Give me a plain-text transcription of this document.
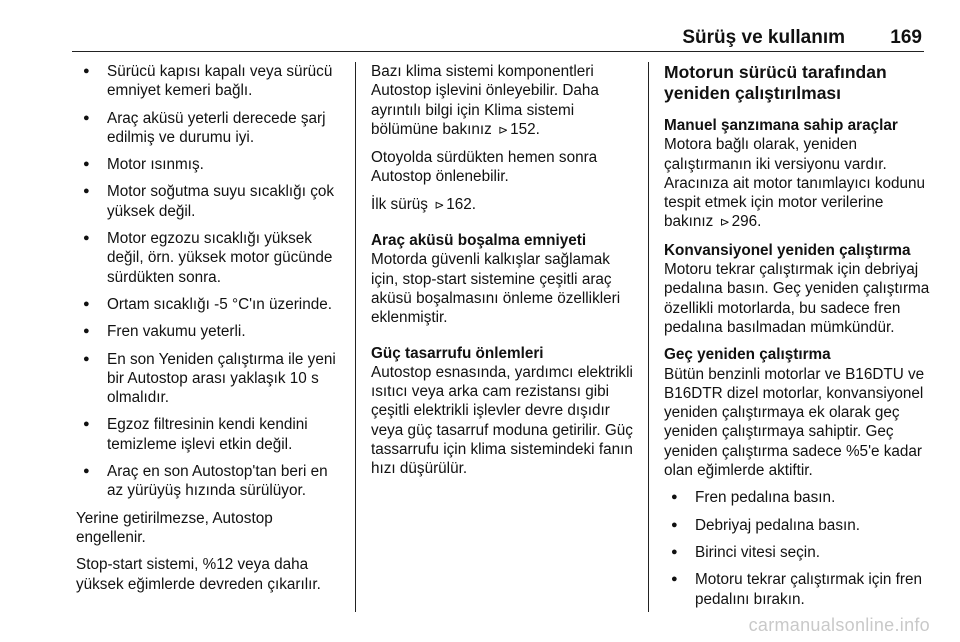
Sürüş ve kullanım 169
● Sürücü kapısı kapalı veya sürücü emniyet kemeri bağlı.
● Araç aküsü yeterli derecede şarj edilmiş ve durumu iyi.
● Motor ısınmış.
● Motor soğutma suyu sıcaklığı çok yüksek değil.
● Motor egzozu sıcaklığı yüksek değil, örn. yüksek motor gücünde sürdükten sonra.
● Ortam sıcaklığı -5 °C'ın üzerinde.
● Fren vakumu yeterli.
● En son Yeniden çalıştırma ile yeni bir Autostop arası yaklaşık 10 s olmalıdır.
● Egzoz filtresinin kendi kendini temizleme işlevi etkin değil.
● Araç en son Autostop'tan beri en az yürüyüş hızında sürülüyor.

Yerine getirilmezse, Autostop engellenir.

Stop-start sistemi, %12 veya daha yüksek eğimlerde devreden çıkarılır.

Bazı klima sistemi komponentleri Autostop işlevini önleyebilir. Daha ayrıntılı bilgi için Klima sistemi bölümüne bakınız ⊳ 152.

Otoyolda sürdükten hemen sonra Autostop önlenebilir.

İlk sürüş ⊳ 162.

Araç aküsü boşalma emniyeti

Motorda güvenli kalkışlar sağlamak için, stop-start sistemine çeşitli araç aküsü boşalmasını önleme özellikleri eklenmiştir.

Güç tasarrufu önlemleri

Autostop esnasında, yardımcı elektrikli ısıtıcı veya arka cam rezistansı gibi çeşitli elektrikli işlevler devre dışıdır veya güç tasarruf moduna getirilir. Güç tassarrufu için klima sistemindeki fanın hızı düşürülür.

Motorun sürücü tarafından yeniden çalıştırılması

Manuel şanzımana sahip araçlar

Motora bağlı olarak, yeniden çalıştırmanın iki versiyonu vardır. Aracınıza ait motor tanımlayıcı kodunu tespit etmek için motor verilerine bakınız ⊳ 296.

Konvansiyonel yeniden çalıştırma

Motoru tekrar çalıştırmak için debriyaj pedalına basın. Geç yeniden çalıştırma özellikli motorlarda, bu sadece fren pedalına basılmadan mümkündür.

Geç yeniden çalıştırma

Bütün benzinli motorlar ve B16DTU ve B16DTR dizel motorlar, konvansiyonel yeniden çalıştırmaya ek olarak geç yeniden çalıştırmaya sahiptir. Geç yeniden çalıştırma sadece %5'e kadar olan eğimlerde aktiftir.

● Fren pedalına basın.
● Debriyaj pedalına basın.
● Birinci vitesi seçin.
● Motoru tekrar çalıştırmak için fren pedalını bırakın.
carmanualsonline.info
